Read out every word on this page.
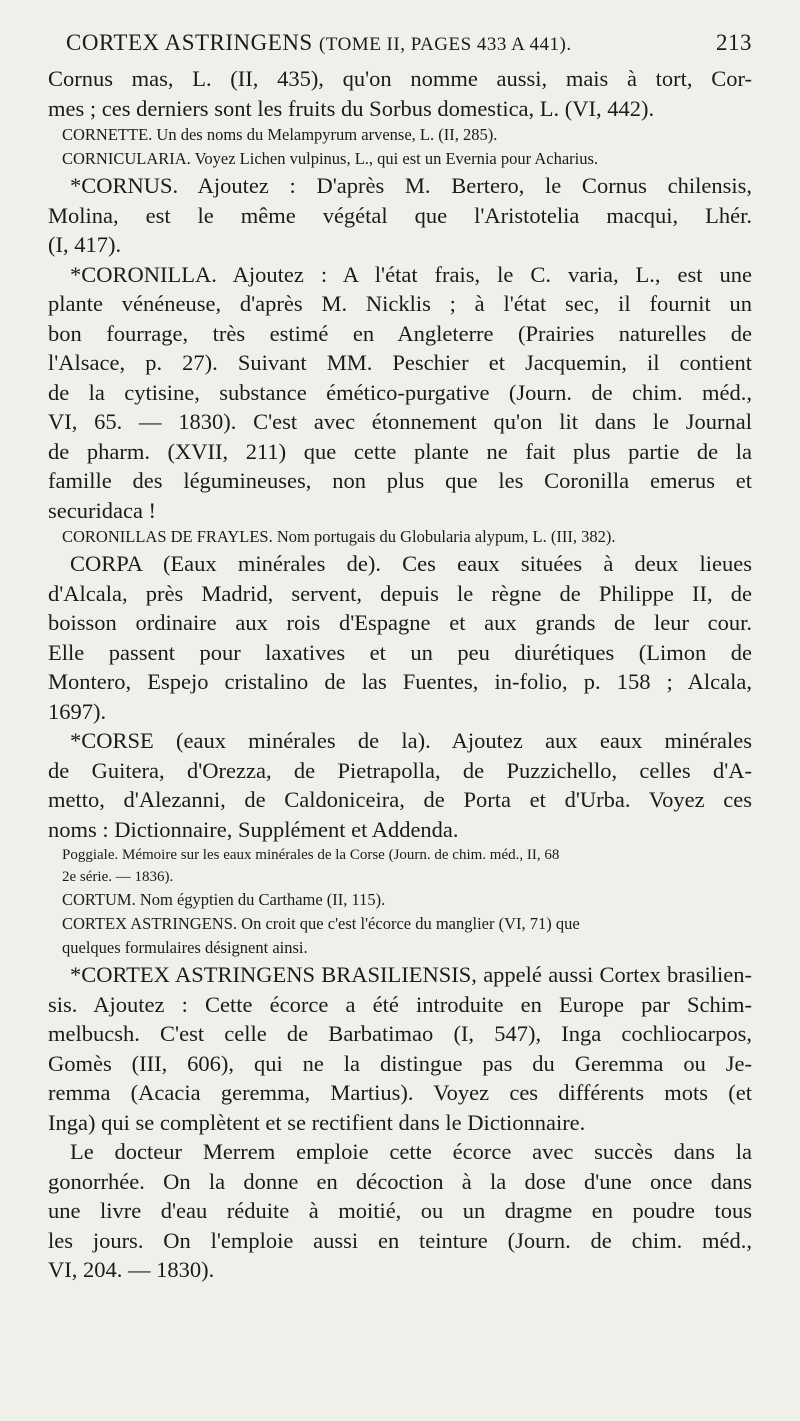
CORTEX ASTRINGENS (TOME II, PAGES 433 A 441).	213
Cornus mas, L. (II, 435), qu'on nomme aussi, mais à tort, Cor-
mes ; ces derniers sont les fruits du Sorbus domestica, L. (VI, 442).
CORNETTE. Un des noms du Melampyrum arvense, L. (II, 285).
CORNICULARIA. Voyez Lichen vulpinus, L., qui est un Evernia pour Acharius.
*CORNUS. Ajoutez : D'après M. Bertero, le Cornus chilensis,
Molina, est le même végétal que l'Aristotelia macqui, Lhér.
(I, 417).
*CORONILLA. Ajoutez : A l'état frais, le C. varia, L., est une
plante vénéneuse, d'après M. Nicklis ; à l'état sec, il fournit un
bon fourrage, très estimé en Angleterre (Prairies naturelles de
l'Alsace, p. 27). Suivant MM. Peschier et Jacquemin, il contient
de la cytisine, substance émético-purgative (Journ. de chim. méd.,
VI, 65. — 1830). C'est avec étonnement qu'on lit dans le Journal
de pharm. (XVII, 211) que cette plante ne fait plus partie de la
famille des légumineuses, non plus que les Coronilla emerus et
securidaca !
CORONILLAS DE FRAYLES. Nom portugais du Globularia alypum, L. (III, 382).
CORPA (Eaux minérales de). Ces eaux situées à deux lieues
d'Alcala, près Madrid, servent, depuis le règne de Philippe II, de
boisson ordinaire aux rois d'Espagne et aux grands de leur cour.
Elle passent pour laxatives et un peu diurétiques (Limon de
Montero, Espejo cristalino de las Fuentes, in-folio, p. 158 ; Alcala,
1697).
*CORSE (eaux minérales de la). Ajoutez aux eaux minérales
de Guitera, d'Orezza, de Pietrapolla, de Puzzichello, celles d'A-
metto, d'Alezanni, de Caldoniceira, de Porta et d'Urba. Voyez ces
noms : Dictionnaire, Supplément et Addenda.
Poggiale. Mémoire sur les eaux minérales de la Corse (Journ. de chim. méd., II, 68
2e série. — 1836).
CORTUM. Nom égyptien du Carthame (II, 115).
CORTEX ASTRINGENS. On croit que c'est l'écorce du manglier (VI, 71) que
quelques formulaires désignent ainsi.
*CORTEX ASTRINGENS BRASILIENSIS, appelé aussi Cortex brasilien-
sis. Ajoutez : Cette écorce a été introduite en Europe par Schim-
melbucsh. C'est celle de Barbatimao (I, 547), Inga cochliocarpos,
Gomès (III, 606), qui ne la distingue pas du Geremma ou Je-
remma (Acacia geremma, Martius). Voyez ces différents mots (et
Inga) qui se complètent et se rectifient dans le Dictionnaire.
Le docteur Merrem emploie cette écorce avec succès dans la
gonorrhée. On la donne en décoction à la dose d'une once dans
une livre d'eau réduite à moitié, ou un dragme en poudre tous
les jours. On l'emploie aussi en teinture (Journ. de chim. méd.,
VI, 204. — 1830).
